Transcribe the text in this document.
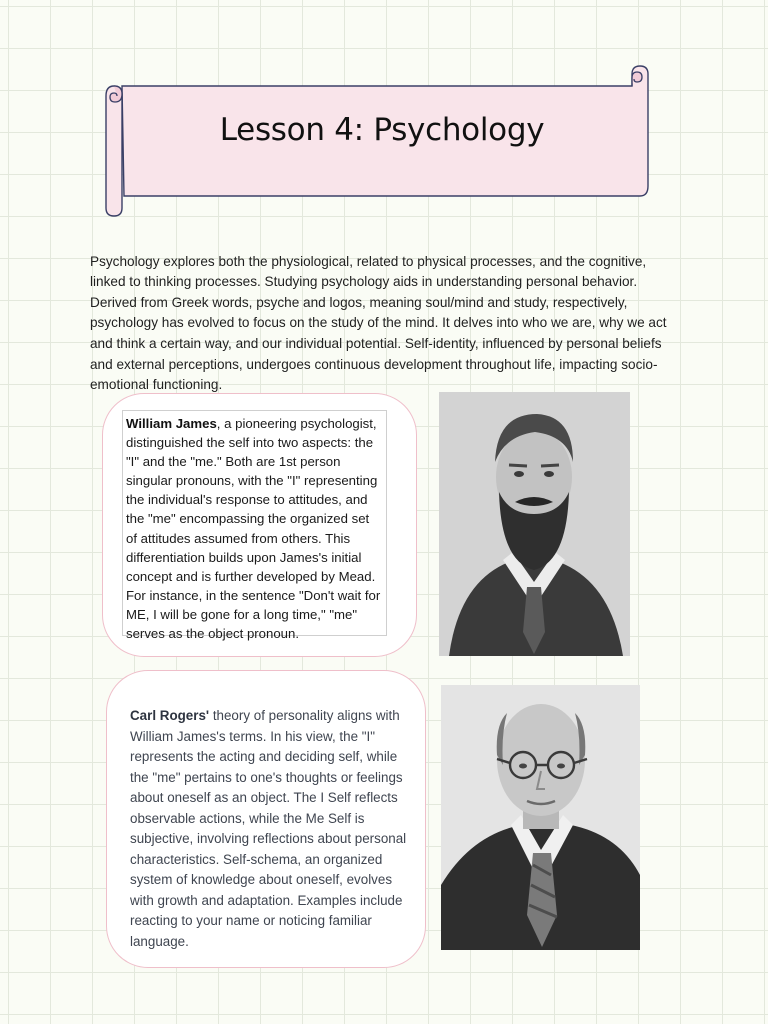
Lesson 4: Psychology

Psychology explores both the physiological, related to physical processes, and the cognitive, linked to thinking processes. Studying psychology aids in understanding personal behavior. Derived from Greek words, psyche and logos, meaning soul/mind and study, respectively, psychology has evolved to focus on the study of the mind. It delves into who we are, why we act and think a certain way, and our individual potential. Self-identity, influenced by personal beliefs and external perceptions, undergoes continuous development throughout life, impacting socio-emotional functioning.

William James, a pioneering psychologist, distinguished the self into two aspects: the "I" and the "me." Both are 1st person singular pronouns, with the "I" representing the individual's response to attitudes, and the "me" encompassing the organized set of attitudes assumed from others. This differentiation builds upon James's initial concept and is further developed by Mead. For instance, in the sentence "Don't wait for ME, I will be gone for a long time," "me" serves as the object pronoun.

Carl Rogers' theory of personality aligns with William James's terms. In his view, the "I" represents the acting and deciding self, while the "me" pertains to one's thoughts or feelings about oneself as an object. The I Self reflects observable actions, while the Me Self is subjective, involving reflections about personal characteristics. Self-schema, an organized system of knowledge about oneself, evolves with growth and adaptation. Examples include reacting to your name or noticing familiar language.
